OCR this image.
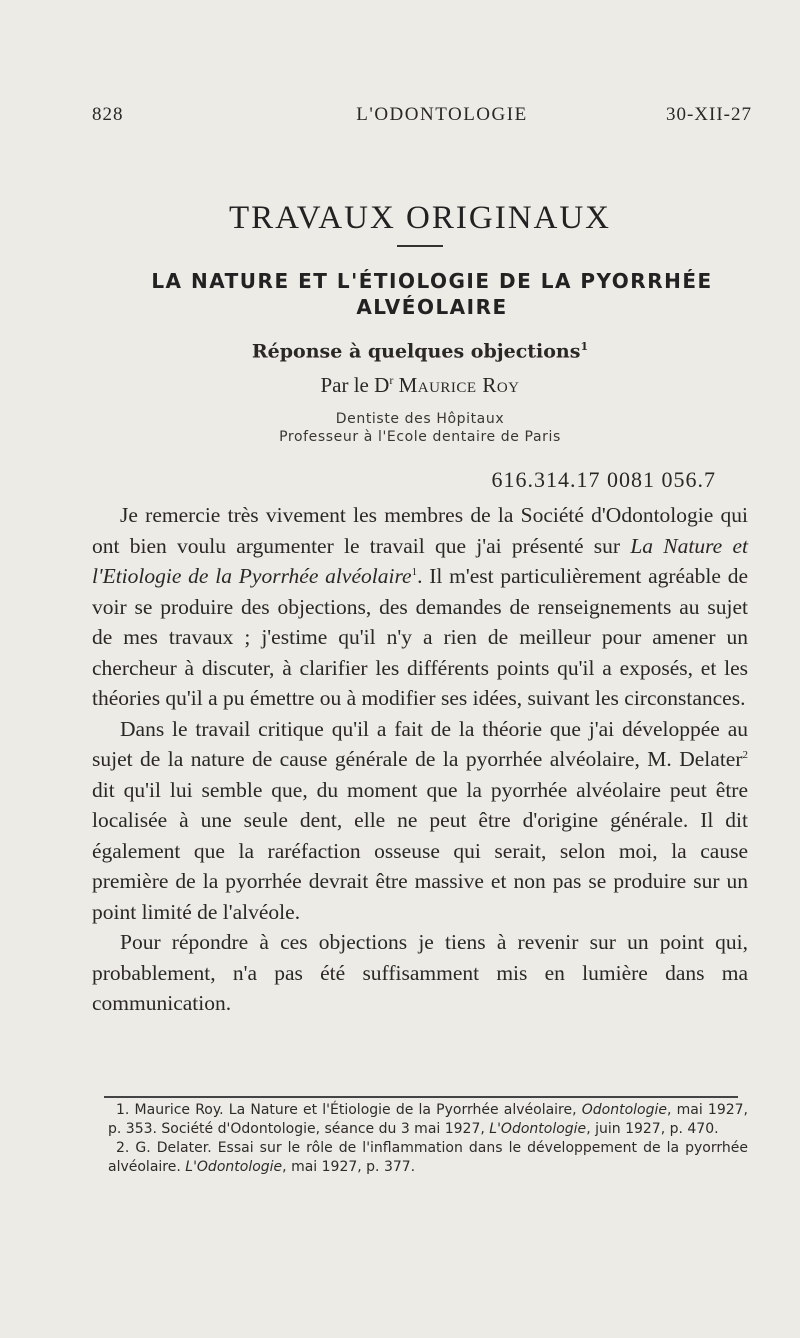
828	L'ODONTOLOGIE	30-XII-27
TRAVAUX ORIGINAUX
LA NATURE ET L'ÉTIOLOGIE DE LA PYORRHÉE
ALVÉOLAIRE
Réponse à quelques objections$^1$
Par le $D^r$ Maurice Roy
Dentiste des Hôpitaux
Professeur à l'Ecole dentaire de Paris
616.314.17 0081 056.7

Je remercie très vivement les membres de la Société d'Odontologie qui ont bien voulu argumenter le travail que j'ai présenté sur La Nature et l'Etiologie de la Pyorrhée alvéolaire$^1$. Il m'est particulièrement agréable de voir se produire des objections, des demandes de renseignements au sujet de mes travaux ; j'estime qu'il n'y a rien de meilleur pour amener un chercheur à discuter, à clarifier les différents points qu'il a exposés, et les théories qu'il a pu émettre ou à modifier ses idées, suivant les circonstances.

Dans le travail critique qu'il a fait de la théorie que j'ai développée au sujet de la nature de cause générale de la pyorrhée alvéolaire, M. Delater$^2$ dit qu'il lui semble que, du moment que la pyorrhée alvéolaire peut être localisée à une seule dent, elle ne peut être d'origine générale. Il dit également que la raréfaction osseuse qui serait, selon moi, la cause première de la pyorrhée devrait être massive et non pas se produire sur un point limité de l'alvéole.

Pour répondre à ces objections je tiens à revenir sur un point qui, probablement, n'a pas été suffisamment mis en lumière dans ma communication.

1. Maurice Roy. La Nature et l'Étiologie de la Pyorrhée alvéolaire, Odontologie, mai 1927, p. 353. Société d'Odontologie, séance du 3 mai 1927, L'Odontologie, juin 1927, p. 470.

2. G. Delater. Essai sur le rôle de l'inflammation dans le développement de la pyorrhée alvéolaire. L'Odontologie, mai 1927, p. 377.
